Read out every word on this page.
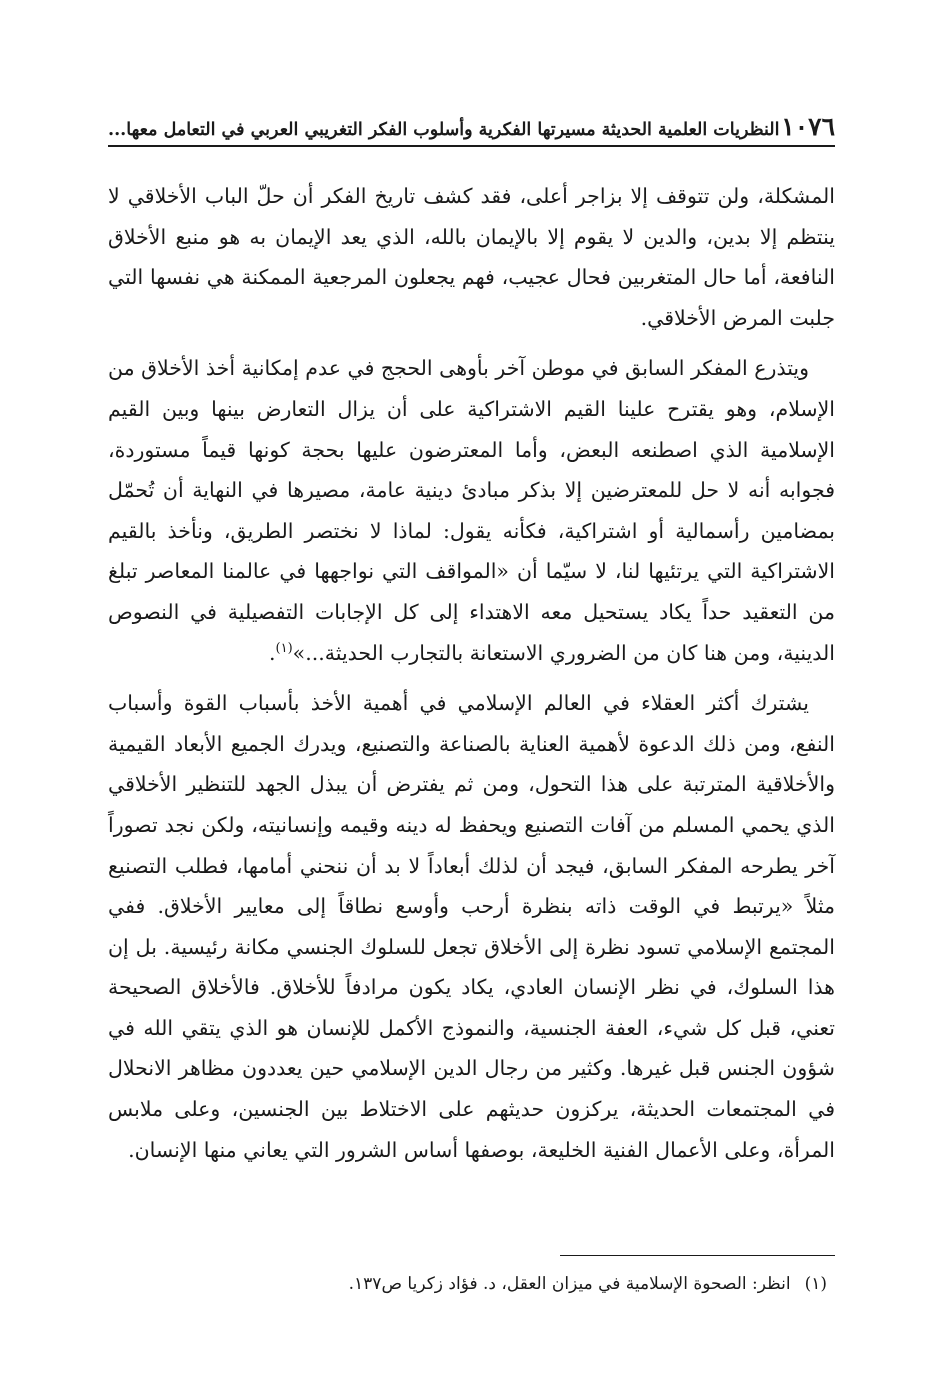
١٠٧٦
النظريات العلمية الحديثة مسيرتها الفكرية وأسلوب الفكر التغريبي العربي في التعامل معها...

المشكلة، ولن تتوقف إلا بزاجر أعلى، فقد كشف تاريخ الفكر أن حلّ الباب الأخلاقي لا ينتظم إلا بدين، والدين لا يقوم إلا بالإيمان بالله، الذي يعد الإيمان به هو منبع الأخلاق النافعة، أما حال المتغربين فحال عجيب، فهم يجعلون المرجعية الممكنة هي نفسها التي جلبت المرض الأخلاقي.

ويتذرع المفكر السابق في موطن آخر بأوهى الحجج في عدم إمكانية أخذ الأخلاق من الإسلام، وهو يقترح علينا القيم الاشتراكية على أن يزال التعارض بينها وبين القيم الإسلامية الذي اصطنعه البعض، وأما المعترضون عليها بحجة كونها قيماً مستوردة، فجوابه أنه لا حل للمعترضين إلا بذكر مبادئ دينية عامة، مصيرها في النهاية أن تُحمّل بمضامين رأسمالية أو اشتراكية، فكأنه يقول: لماذا لا نختصر الطريق، ونأخذ بالقيم الاشتراكية التي يرتئيها لنا، لا سيّما أن «المواقف التي نواجهها في عالمنا المعاصر تبلغ من التعقيد حداً يكاد يستحيل معه الاهتداء إلى كل الإجابات التفصيلية في النصوص الدينية، ومن هنا كان من الضروري الاستعانة بالتجارب الحديثة...»$^{(١)}$.

يشترك أكثر العقلاء في العالم الإسلامي في أهمية الأخذ بأسباب القوة وأسباب النفع، ومن ذلك الدعوة لأهمية العناية بالصناعة والتصنيع، ويدرك الجميع الأبعاد القيمية والأخلاقية المترتبة على هذا التحول، ومن ثم يفترض أن يبذل الجهد للتنظير الأخلاقي الذي يحمي المسلم من آفات التصنيع ويحفظ له دينه وقيمه وإنسانيته، ولكن نجد تصوراً آخر يطرحه المفكر السابق، فيجد أن لذلك أبعاداً لا بد أن ننحني أمامها، فطلب التصنيع مثلاً «يرتبط في الوقت ذاته بنظرة أرحب وأوسع نطاقاً إلى معايير الأخلاق. ففي المجتمع الإسلامي تسود نظرة إلى الأخلاق تجعل للسلوك الجنسي مكانة رئيسية. بل إن هذا السلوك، في نظر الإنسان العادي، يكاد يكون مرادفاً للأخلاق. فالأخلاق الصحيحة تعني، قبل كل شيء، العفة الجنسية، والنموذج الأكمل للإنسان هو الذي يتقي الله في شؤون الجنس قبل غيرها. وكثير من رجال الدين الإسلامي حين يعددون مظاهر الانحلال في المجتمعات الحديثة، يركزون حديثهم على الاختلاط بين الجنسين، وعلى ملابس المرأة، وعلى الأعمال الفنية الخليعة، بوصفها أساس الشرور التي يعاني منها الإنسان.

(١)
انظر: الصحوة الإسلامية في ميزان العقل، د. فؤاد زكريا ص١٣٧.
